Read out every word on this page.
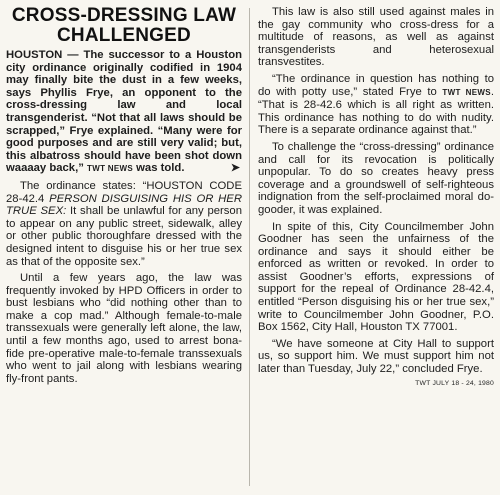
CROSS-DRESSING LAW
CHALLENGED

HOUSTON — The successor to a Houston city ordinance originally codified in 1904 may finally bite the dust in a few weeks, says Phyllis Frye, an opponent to the cross-dressing law and local transgenderist. “Not that all laws should be scrapped,” Frye explained. “Many were for good purposes and are still very valid; but, this albatross should have been shot down waaaay back,” TWT NEWS was told.	➤

The ordinance states: “HOUSTON CODE 28-42.4 PERSON DISGUISING HIS OR HER TRUE SEX: It shall be unlawful for any person to appear on any public street, sidewalk, alley or other public thoroughfare dressed with the designed intent to disguise his or her true sex as that of the opposite sex.”

Until a few years ago, the law was frequently invoked by HPD Officers in order to bust lesbians who “did nothing other than to make a cop mad.” Although female-to-male transsexuals were generally left alone, the law, until a few months ago, used to arrest bona-fide pre-operative male-to-female transsexuals who went to jail along with lesbians wearing fly-front pants.

This law is also still used against males in the gay community who cross-dress for a multitude of reasons, as well as against transgenderists and heterosexual transvestites.

“The ordinance in question has nothing to do with potty use,” stated Frye to TWT NEWS. “That is 28-42.6 which is all right as written. This ordinance has nothing to do with nudity. There is a separate ordinance against that.”

To challenge the “cross-dressing” ordinance and call for its revocation is politically unpopular. To do so creates heavy press coverage and a groundswell of self-righteous indignation from the self-proclaimed moral do-gooder, it was explained.

In spite of this, City Councilmember John Goodner has seen the unfairness of the ordinance and says it should either be enforced as written or revoked. In order to assist Goodner’s efforts, expressions of support for the repeal of Ordinance 28-42.4, entitled “Person disguising his or her true sex,” write to Councilmember John Goodner, P.O. Box 1562, City Hall, Houston TX 77001.

“We have someone at City Hall to support us, so support him. We must support him not later than Tuesday, July 22,” concluded Frye.
TWT JULY 18 - 24, 1980
